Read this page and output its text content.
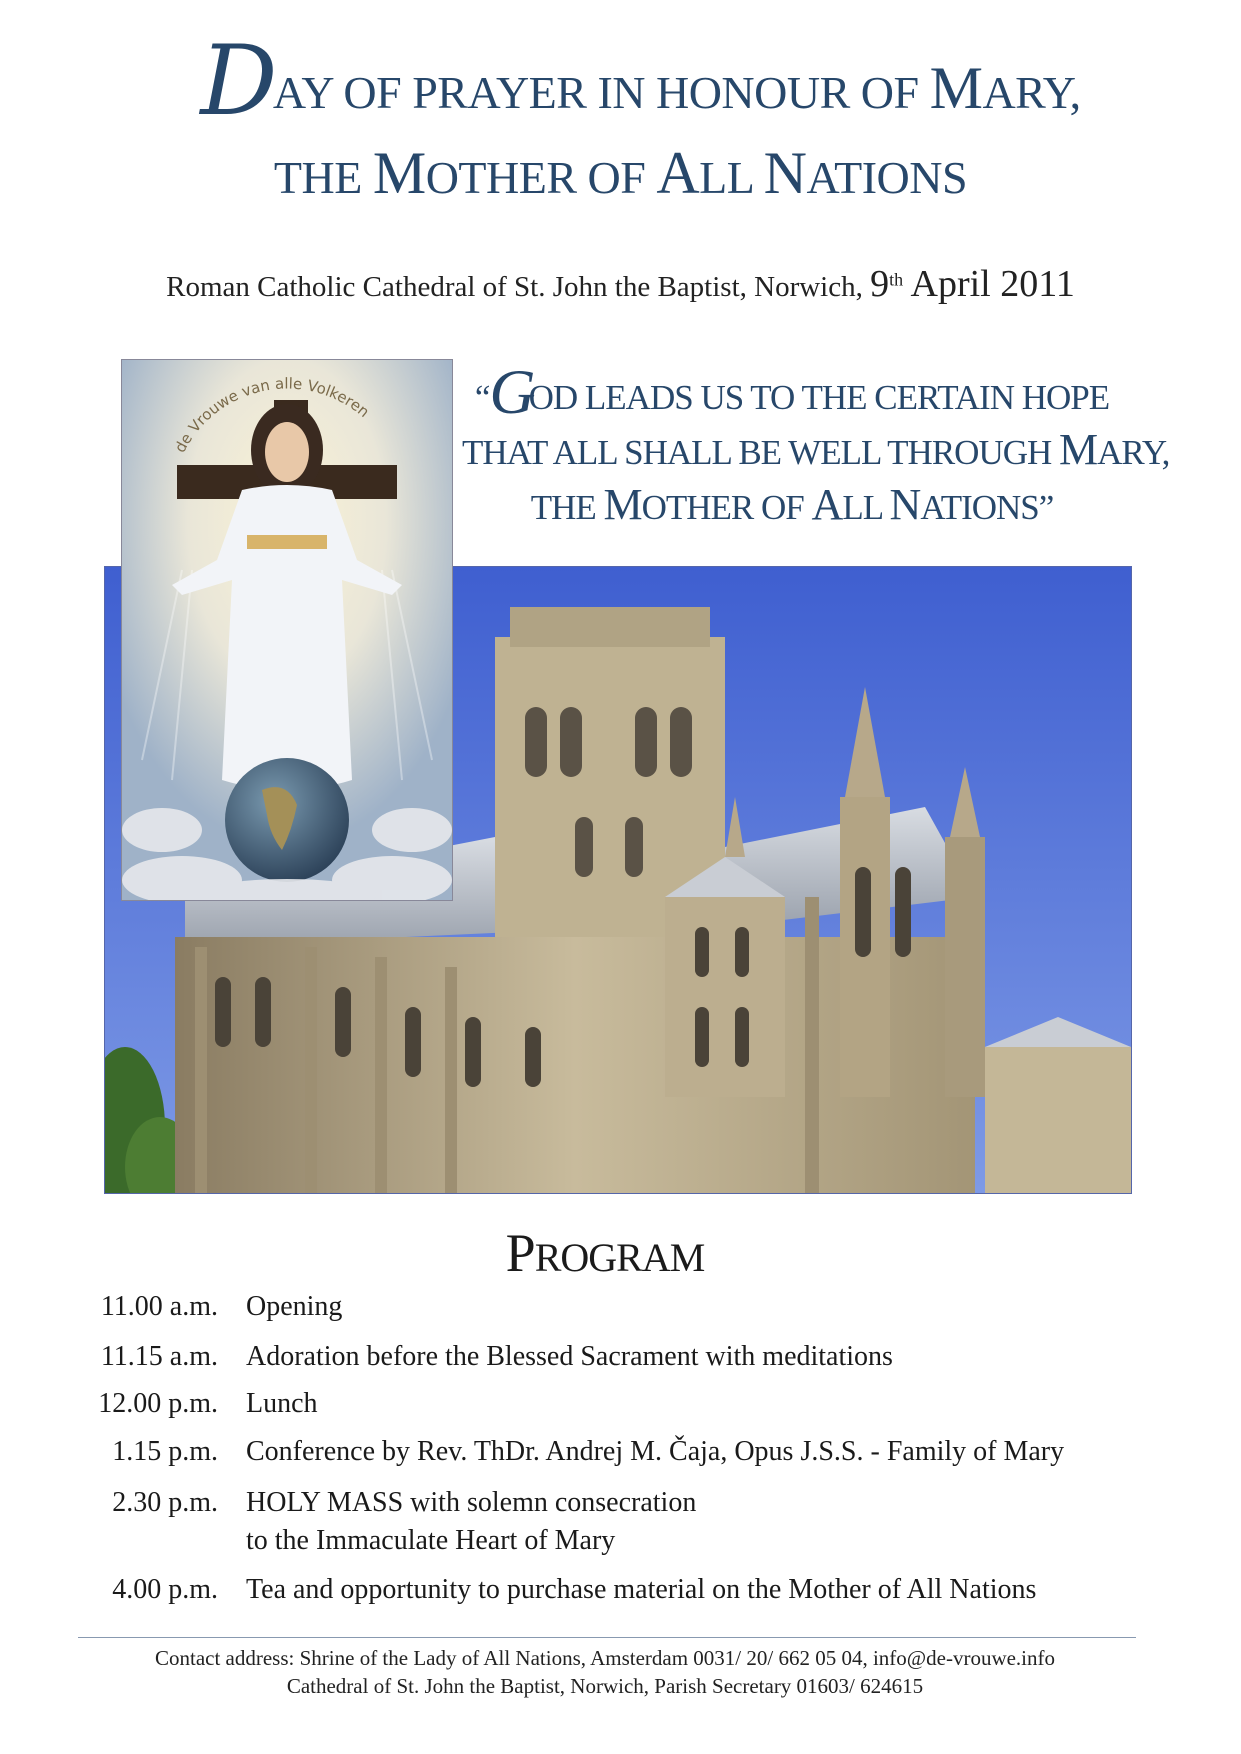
DAY OF PRAYER IN HONOUR OF MARY,
THE MOTHER OF ALL NATIONS
Roman Catholic Cathedral of St. John the Baptist, Norwich, 9th April 2011
de Vrouwe van alle Volkeren	“GOD LEADS US TO THE CERTAIN HOPE
THAT ALL SHALL BE WELL THROUGH MARY,
THE MOTHER OF ALL NATIONS”
PROGRAM
11.00 a.m. Opening
11.15 a.m. Adoration before the Blessed Sacrament with meditations
12.00 p.m. Lunch
1.15 p.m. Conference by Rev. ThDr. Andrej M. Čaja, Opus J.S.S. - Family of Mary
2.30 p.m. HOLY MASS with solemn consecration
to the Immaculate Heart of Mary
4.00 p.m. Tea and opportunity to purchase material on the Mother of All Nations
Contact address: Shrine of the Lady of All Nations, Amsterdam 0031/ 20/ 662 05 04, info@de-vrouwe.info
Cathedral of St. John the Baptist, Norwich, Parish Secretary 01603/ 624615
